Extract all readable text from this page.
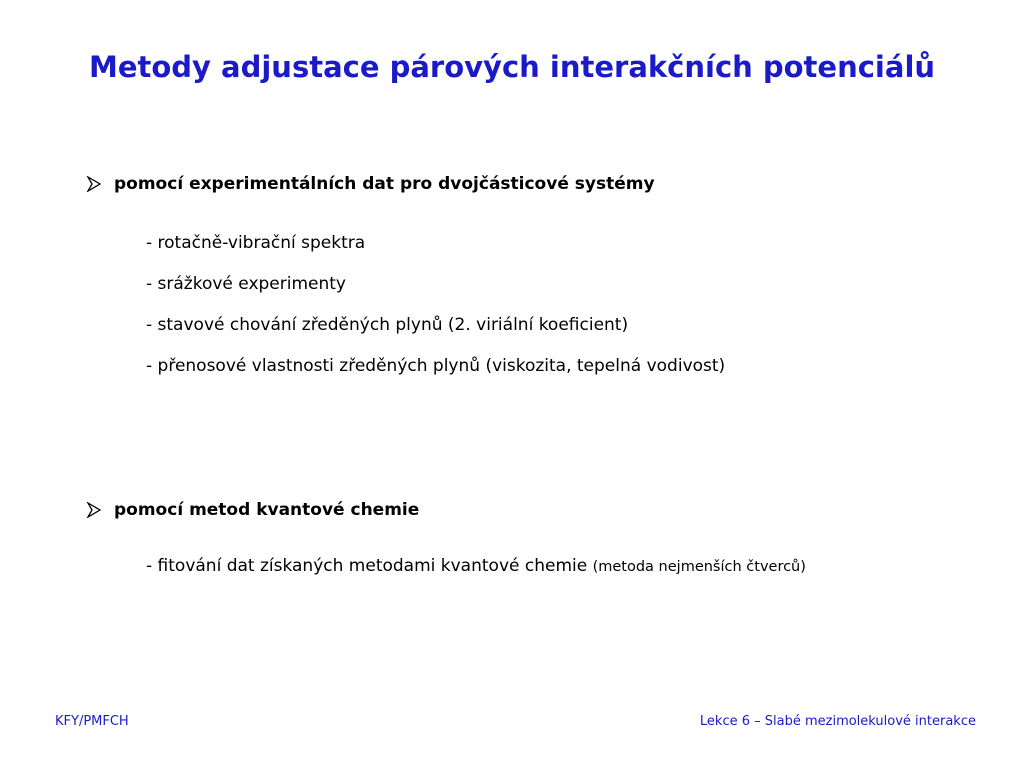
Metody adjustace párových interakčních potenciálů
pomocí experimentálních dat pro dvojčásticové systémy
- rotačně-vibrační spektra
- srážkové experimenty
- stavové chování zředěných plynů (2. viriální koeficient)
- přenosové vlastnosti zředěných plynů (viskozita, tepelná vodivost)
pomocí metod kvantové chemie
- fitování dat získaných metodami kvantové chemie (metoda nejmenších čtverců)
KFY/PMFCH	Lekce 6 – Slabé mezimolekulové interakce
